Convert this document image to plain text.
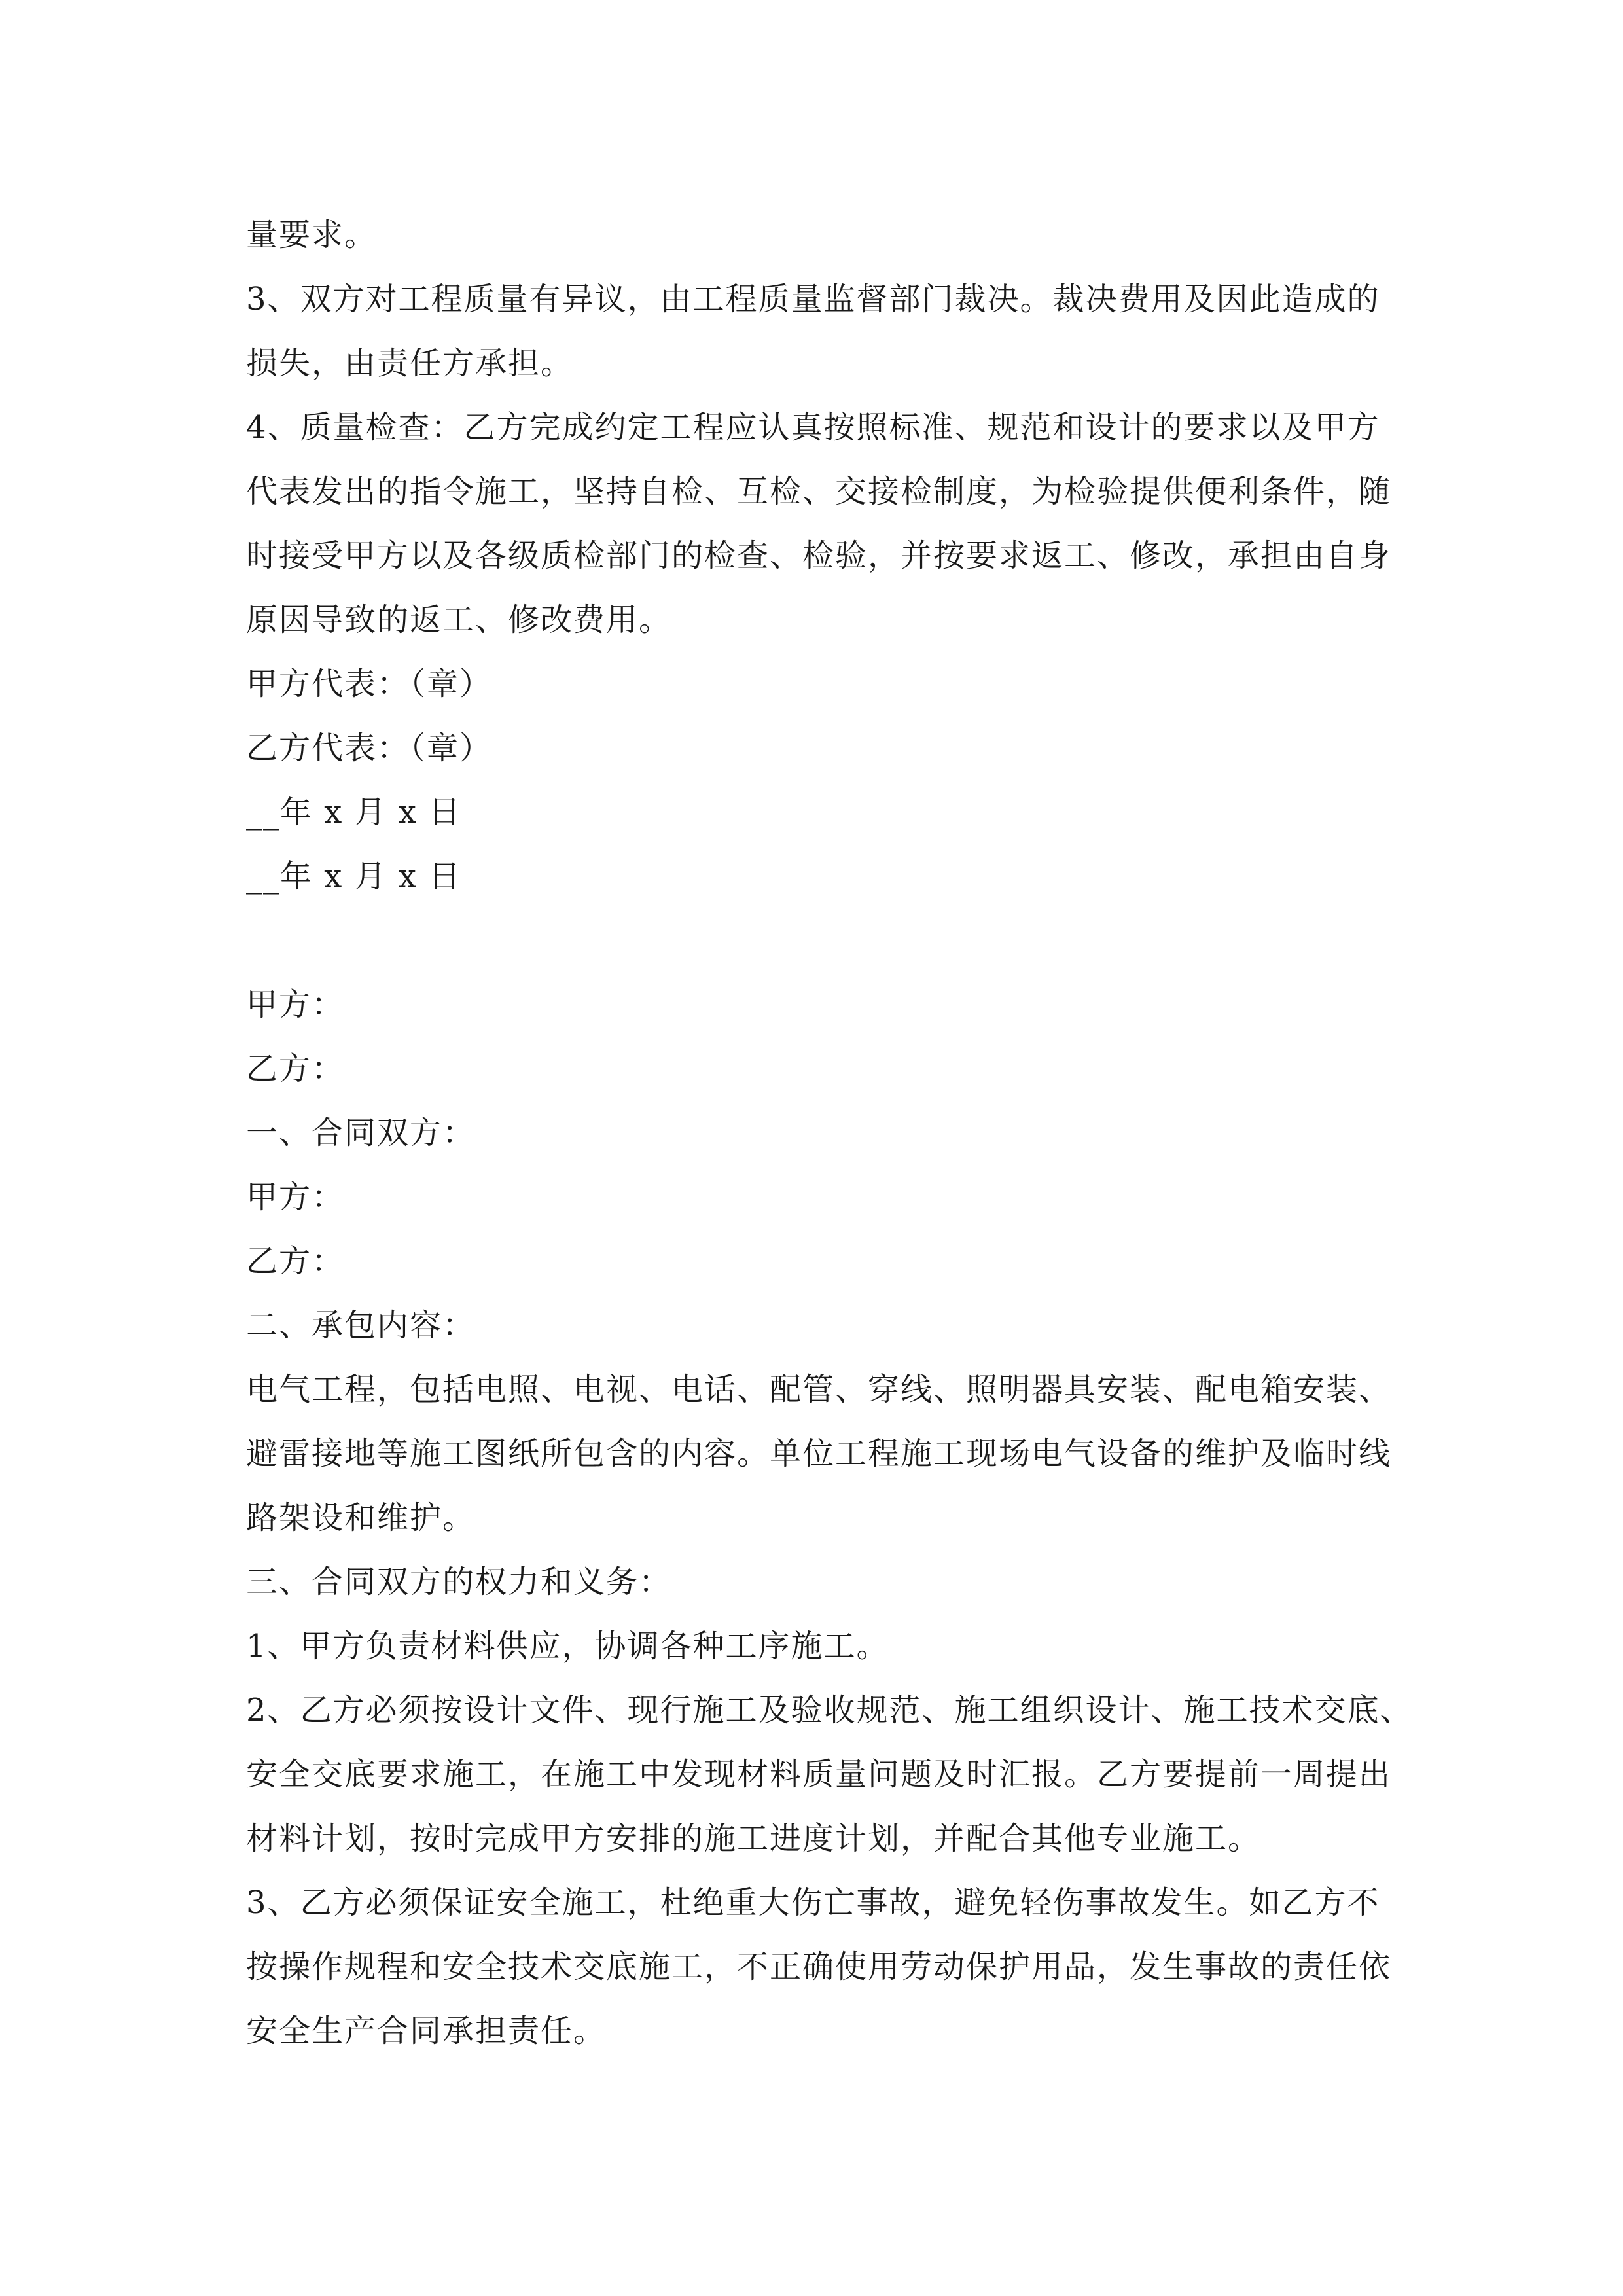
量要求。
3、双方对工程质量有异议，由工程质量监督部门裁决。裁决费用及因此造成的
损失，由责任方承担。
4、质量检查：乙方完成约定工程应认真按照标准、规范和设计的要求以及甲方
代表发出的指令施工，坚持自检、互检、交接检制度，为检验提供便利条件，随
时接受甲方以及各级质检部门的检查、检验，并按要求返工、修改，承担由自身
原因导致的返工、修改费用。
甲方代表：（章）
乙方代表：（章）
__年 x 月 x 日
__年 x 月 x 日
甲方：
乙方：
一、合同双方：
甲方：
乙方：
二、承包内容：
电气工程，包括电照、电视、电话、配管、穿线、照明器具安装、配电箱安装、
避雷接地等施工图纸所包含的内容。单位工程施工现场电气设备的维护及临时线
路架设和维护。
三、合同双方的权力和义务：
1、甲方负责材料供应，协调各种工序施工。
2、乙方必须按设计文件、现行施工及验收规范、施工组织设计、施工技术交底、
安全交底要求施工，在施工中发现材料质量问题及时汇报。乙方要提前一周提出
材料计划，按时完成甲方安排的施工进度计划，并配合其他专业施工。
3、乙方必须保证安全施工，杜绝重大伤亡事故，避免轻伤事故发生。如乙方不
按操作规程和安全技术交底施工，不正确使用劳动保护用品，发生事故的责任依
安全生产合同承担责任。
